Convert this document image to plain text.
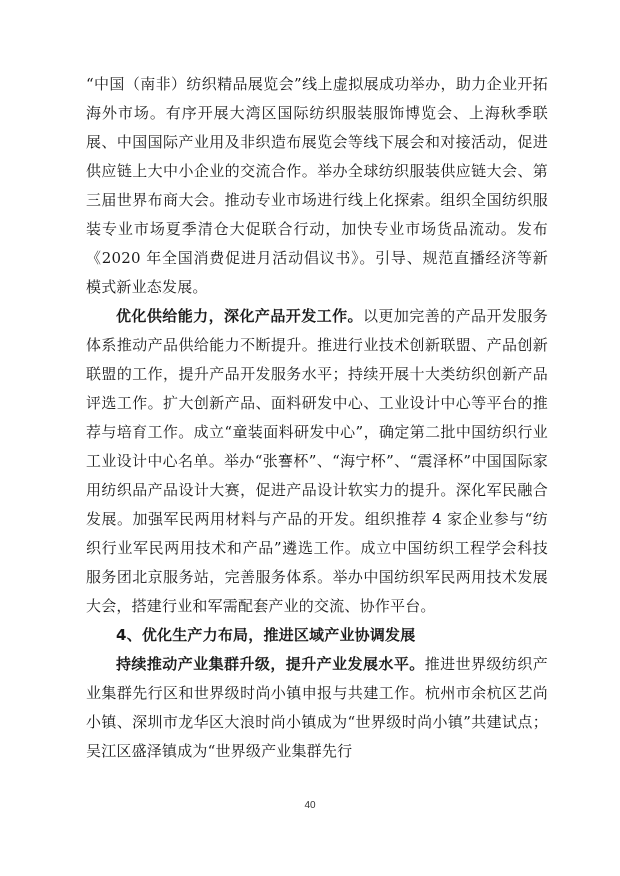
“中国（南非）纺织精品展览会”线上虚拟展成功举办，助力企业开拓海外市场。有序开展大湾区国际纺织服装服饰博览会、上海秋季联展、中国国际产业用及非织造布展览会等线下展会和对接活动，促进供应链上大中小企业的交流合作。举办全球纺织服装供应链大会、第三届世界布商大会。推动专业市场进行线上化探索。组织全国纺织服装专业市场夏季清仓大促联合行动，加快专业市场货品流动。发布《2020 年全国消费促进月活动倡议书》。引导、规范直播经济等新模式新业态发展。

优化供给能力，深化产品开发工作。以更加完善的产品开发服务体系推动产品供给能力不断提升。推进行业技术创新联盟、产品创新联盟的工作，提升产品开发服务水平；持续开展十大类纺织创新产品评选工作。扩大创新产品、面料研发中心、工业设计中心等平台的推荐与培育工作。成立“童装面料研发中心”，确定第二批中国纺织行业工业设计中心名单。举办“张謇杯”、“海宁杯”、“震泽杯”中国国际家用纺织品产品设计大赛，促进产品设计软实力的提升。深化军民融合发展。加强军民两用材料与产品的开发。组织推荐 4 家企业参与“纺织行业军民两用技术和产品”遴选工作。成立中国纺织工程学会科技服务团北京服务站，完善服务体系。举办中国纺织军民两用技术发展大会，搭建行业和军需配套产业的交流、协作平台。

4、优化生产力布局，推进区域产业协调发展

持续推动产业集群升级，提升产业发展水平。推进世界级纺织产业集群先行区和世界级时尚小镇申报与共建工作。杭州市余杭区艺尚小镇、深圳市龙华区大浪时尚小镇成为“世界级时尚小镇”共建试点；吴江区盛泽镇成为“世界级产业集群先行

40
